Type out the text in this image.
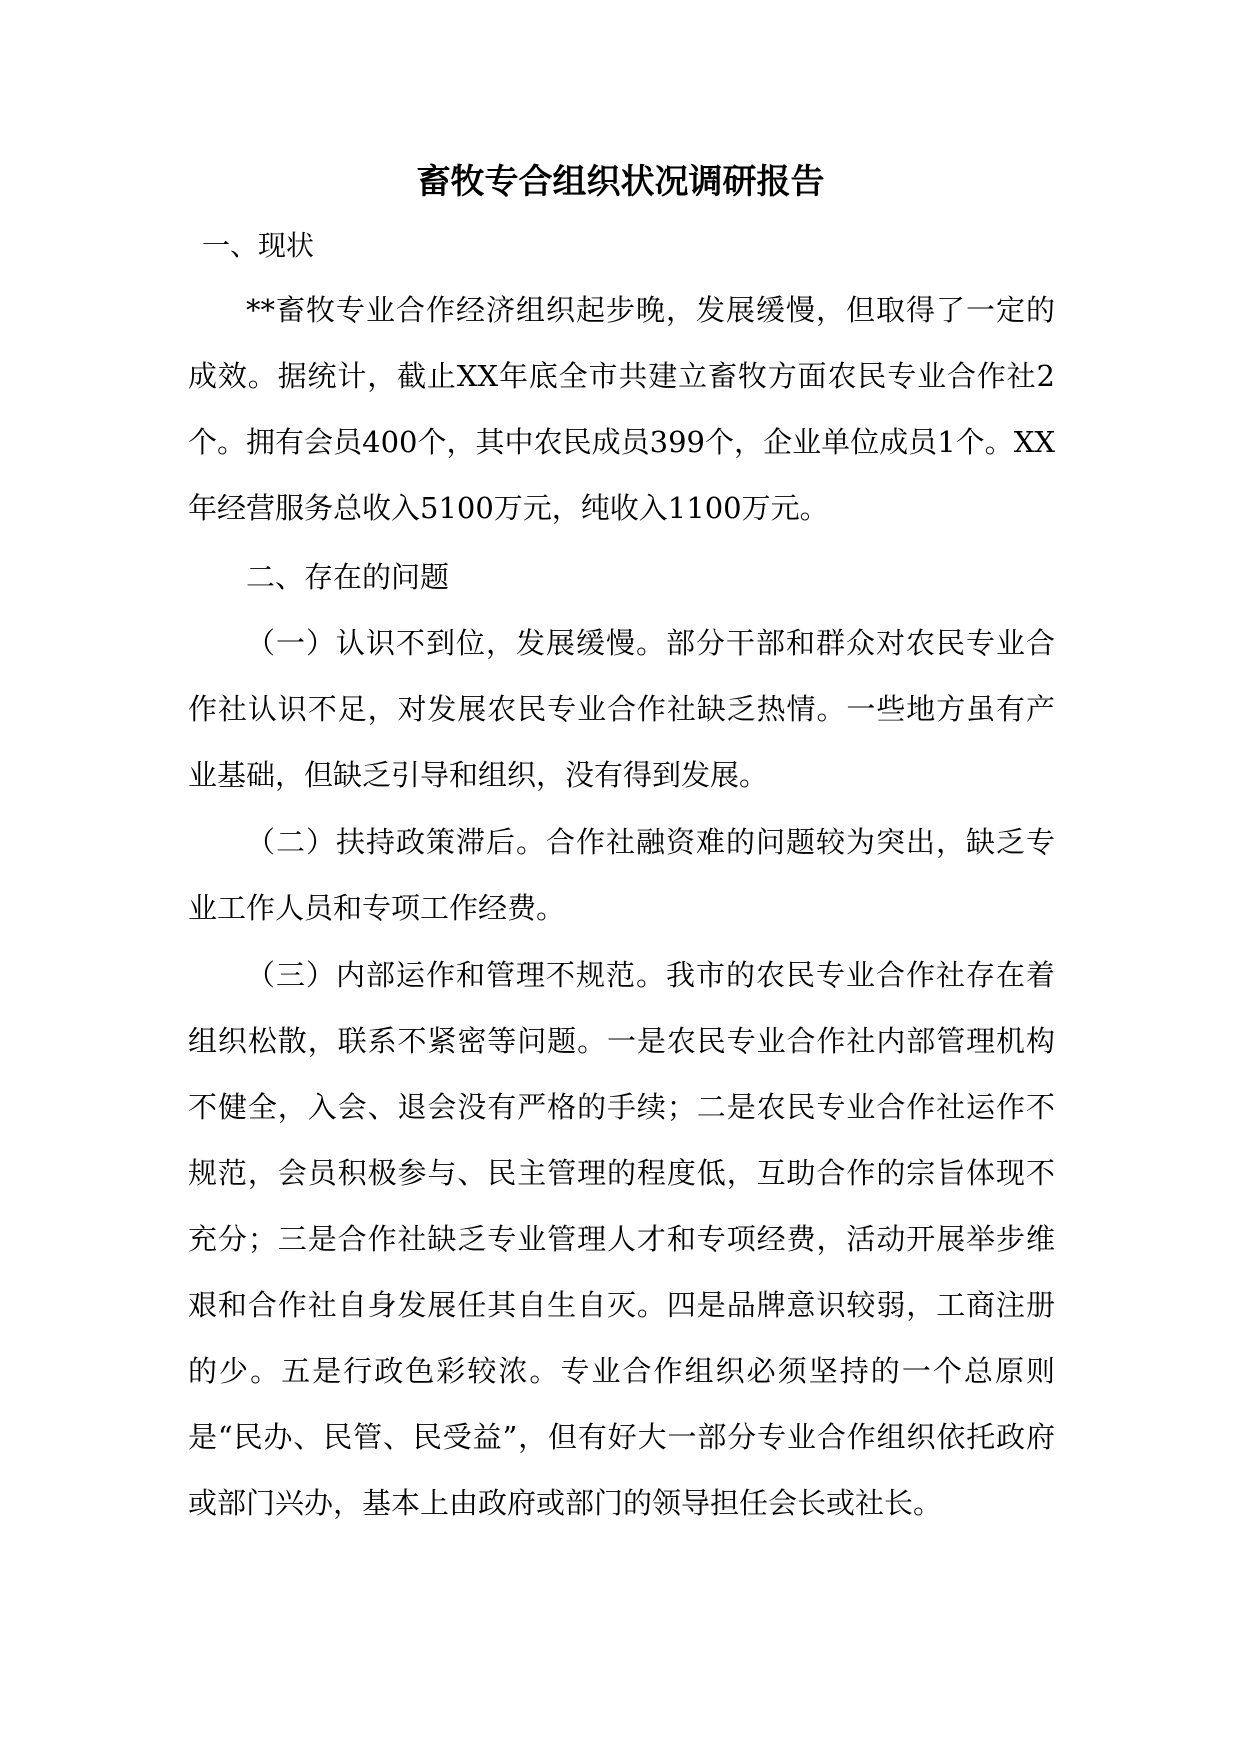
畜牧专合组织状况调研报告
一、现状

**畜牧专业合作经济组织起步晚，发展缓慢，但取得了一定的成效。据统计，截止XX年底全市共建立畜牧方面农民专业合作社2个。拥有会员400个，其中农民成员399个，企业单位成员1个。XX年经营服务总收入5100万元，纯收入1100万元。

二、存在的问题

（一）认识不到位，发展缓慢。部分干部和群众对农民专业合作社认识不足，对发展农民专业合作社缺乏热情。一些地方虽有产业基础，但缺乏引导和组织，没有得到发展。

（二）扶持政策滞后。合作社融资难的问题较为突出，缺乏专业工作人员和专项工作经费。

（三）内部运作和管理不规范。我市的农民专业合作社存在着组织松散，联系不紧密等问题。一是农民专业合作社内部管理机构不健全，入会、退会没有严格的手续；二是农民专业合作社运作不规范，会员积极参与、民主管理的程度低，互助合作的宗旨体现不充分；三是合作社缺乏专业管理人才和专项经费，活动开展举步维艰和合作社自身发展任其自生自灭。四是品牌意识较弱，工商注册的少。五是行政色彩较浓。专业合作组织必须坚持的一个总原则是“民办、民管、民受益”，但有好大一部分专业合作组织依托政府或部门兴办，基本上由政府或部门的领导担任会长或社长。
